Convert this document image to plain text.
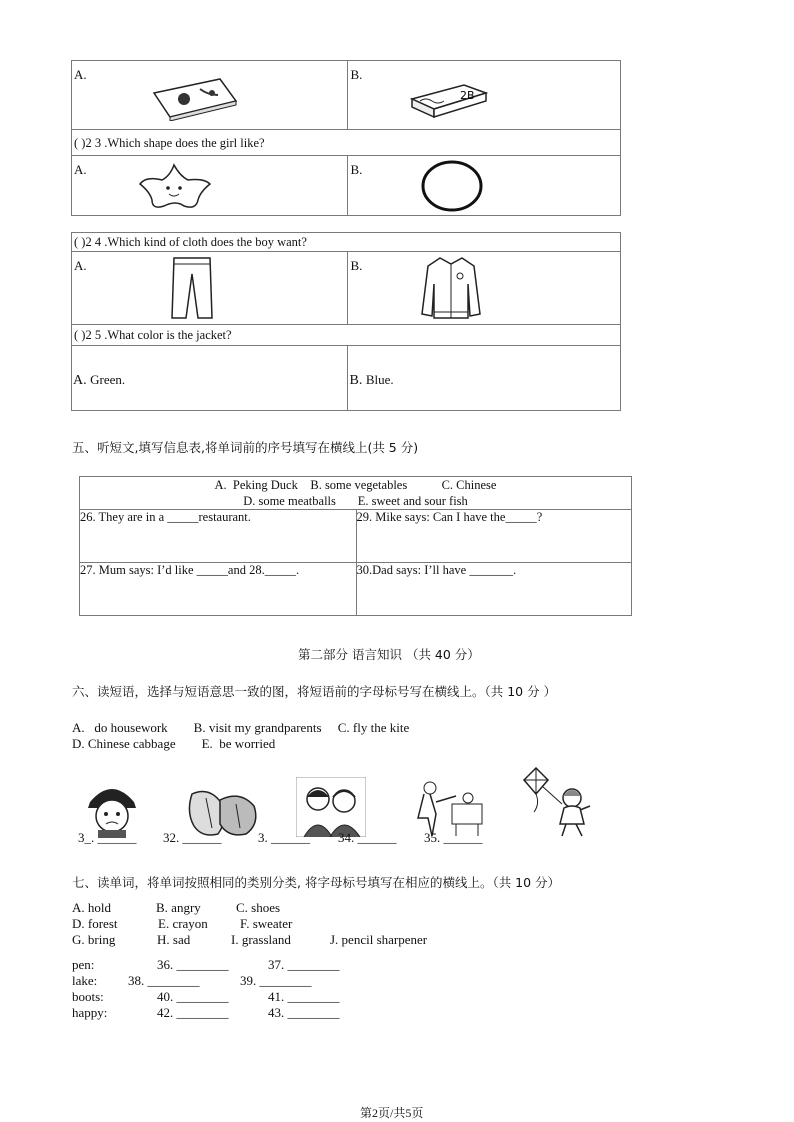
A.	B.
2B

( )2 3 .Which shape does the girl like?	

A.	B.
( )2 4 .Which kind of cloth does the boy want?	

A.	B.

( )2 5 .What color is the jacket?	

A. Green.	B. Blue.
五、听短文,填写信息表,将单词前的序号填写在横线上(共 5 分)
A.  Peking Duck    B. some vegetables           C. Chinese
D. some meatballs       E. sweet and sour fish	

26. They are in a _____restaurant.	29. Mike says: Can I have the_____?
27. Mum says: I’d like _____and 28._____.	30.Dad says: I’ll have _______.
第二部分 语言知识 （共 40 分）
六、读短语，选择与短语意思一致的图，将短语前的字母标号写在横线上。（共 10 分 ）
A.   do housework        B. visit my grandparents     C. fly the kite
D. Chinese cabbage        E.  be worried
3_. ______ 32. ______	3. ______ 34. ______ 35. ______
七、读单词，将单词按照相同的类别分类, 将字母标号填写在相应的横线上。（共 10 分）
A. hold	B. angry	C. shoes
D. forest	E. crayon F. sweater
G. bring	H. sad	I. grassland	J. pencil sharpener
pen:	36. ________	37. ________
lake: 38. ________	39. ________
boots:	40. ________	41. ________
happy:	42. ________	43. ________
第2页/共5页
